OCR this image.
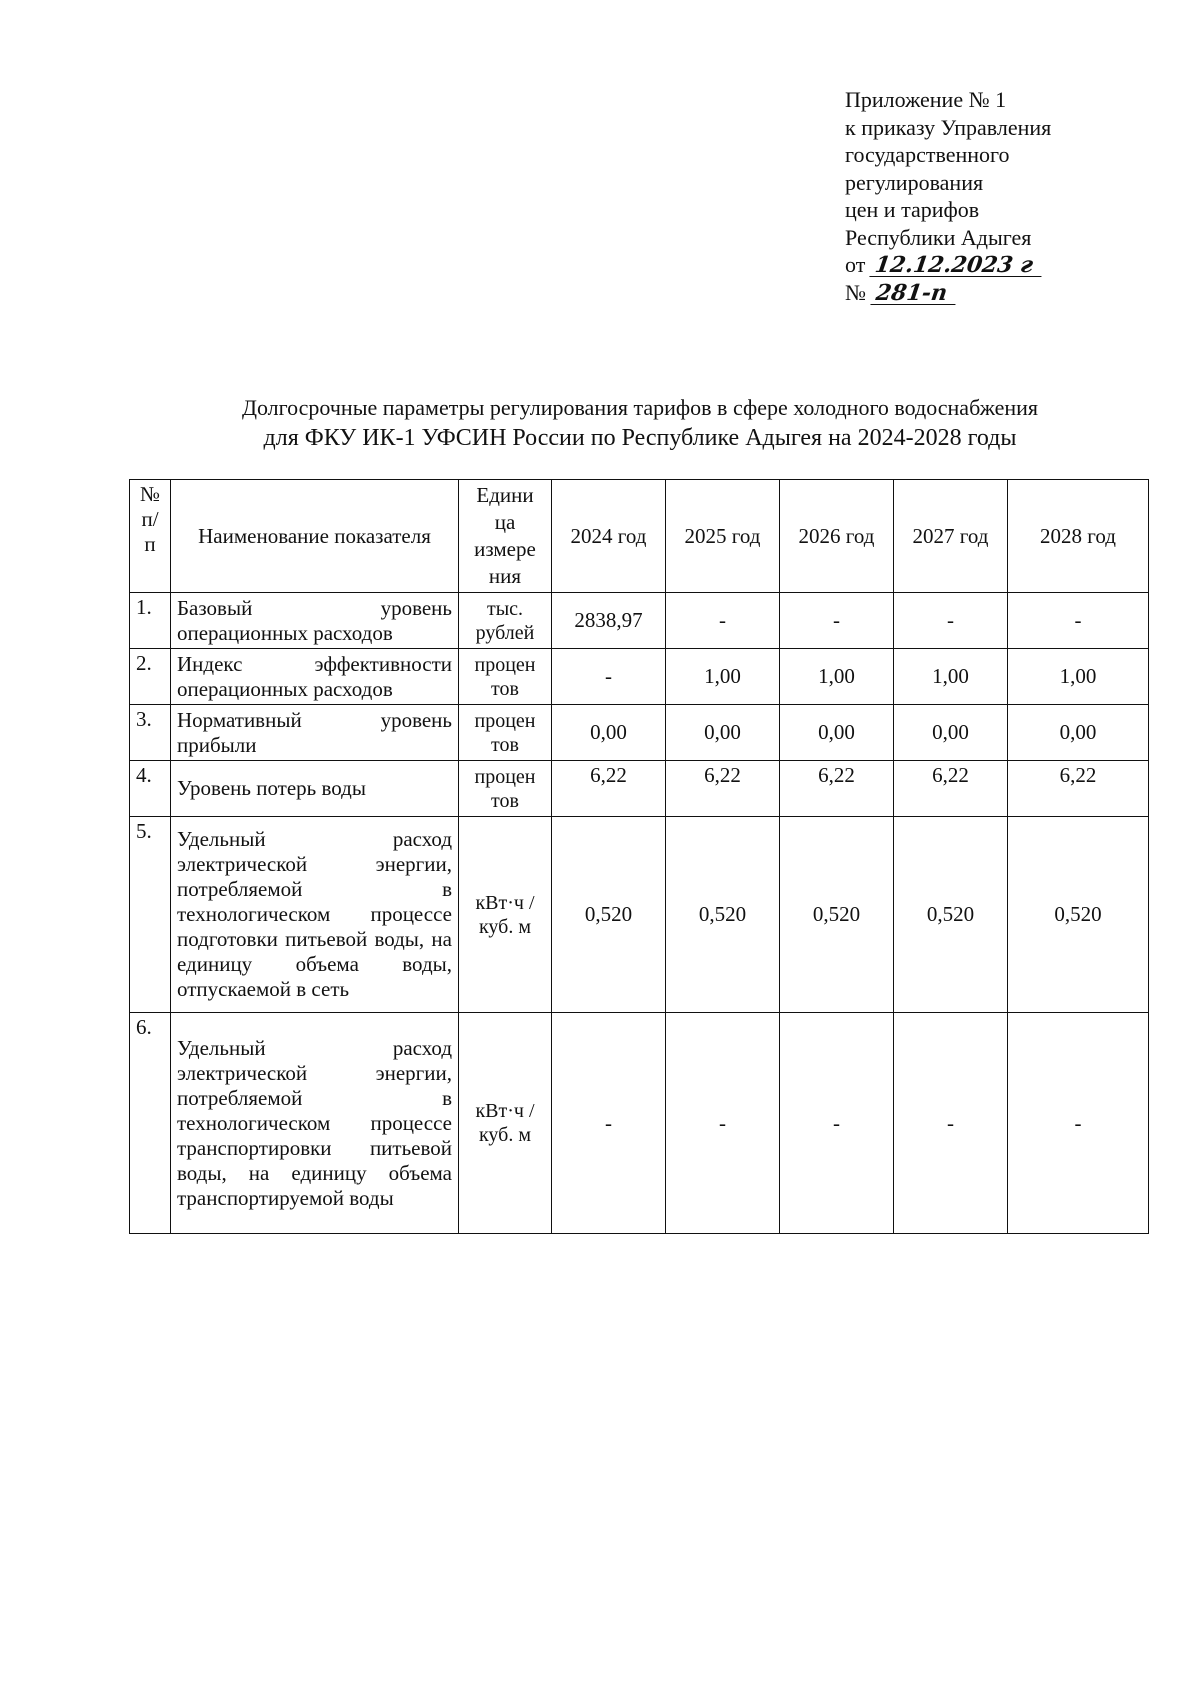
Приложение № 1
к приказу Управления
государственного
регулирования
цен и тарифов
Республики Адыгея
от 12.12.2023 г
№ 281-п
Долгосрочные параметры регулирования тарифов в сфере холодного водоснабжения
для ФКУ ИК-1 УФСИН России по Республике Адыгея на 2024-2028 годы
№ п/ п	Наименование показателя	Едини ца измере ния	2024 год	2025 год	2026 год	2027 год	2028 год
1.	Базовый уровень операционных расходов	тыс. рублей	2838,97	-	-	-	-
2.	Индекс эффективности операционных расходов	процен тов	-	1,00	1,00	1,00	1,00
3.	Нормативный уровень прибыли	процен тов	0,00	0,00	0,00	0,00	0,00
4.	Уровень потерь воды	процен тов	6,22	6,22	6,22	6,22	6,22
5.	Удельный расход электрической энергии, потребляемой в технологическом процессе подготовки питьевой воды, на единицу объема воды, отпускаемой в сеть	кВт·ч / куб. м	0,520	0,520	0,520	0,520	0,520
6.	Удельный расход электрической энергии, потребляемой в технологическом процессе транспортировки питьевой воды, на единицу объема транспортируемой воды	кВт·ч / куб. м	-	-	-	-	-
